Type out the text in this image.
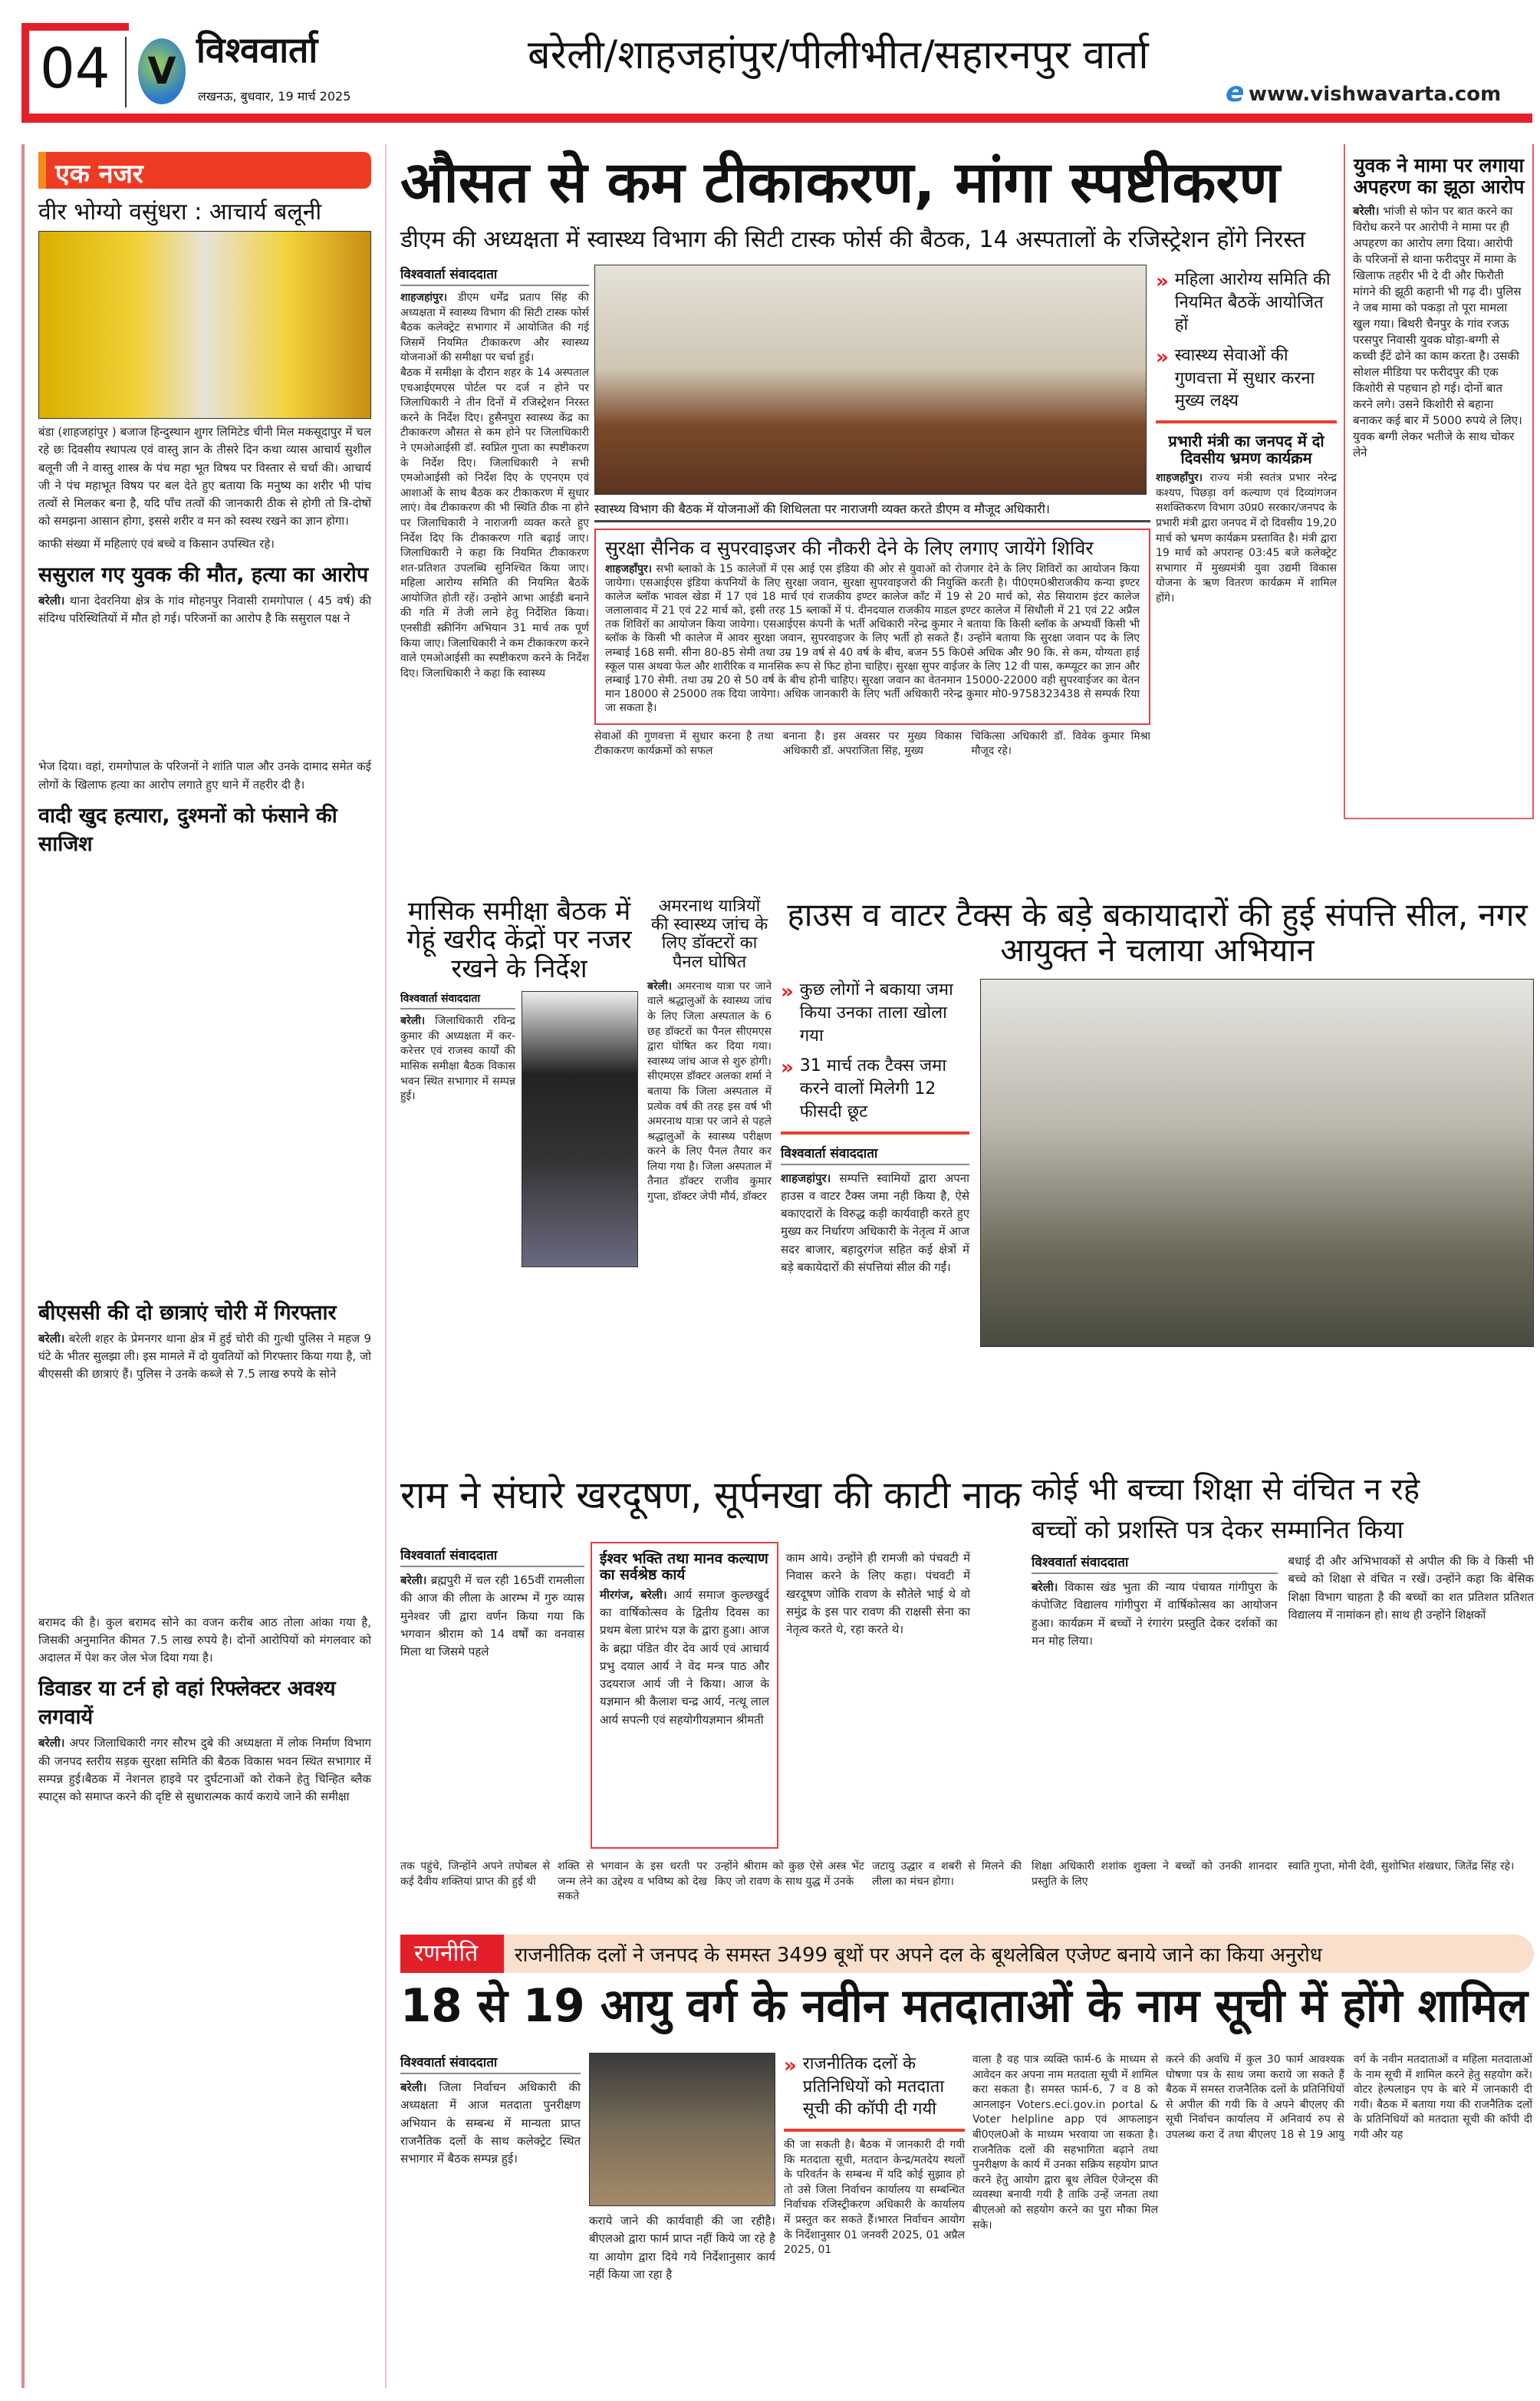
04 V विश्ववार्ता
लखनऊ, बुधवार, 19 मार्च 2025
बरेली/शाहजहांपुर/पीलीभीत/सहारनपुर वार्ता
e www.vishwavarta.com
एक नजर
वीर भोग्यो वसुंधरा : आचार्य बलूनी

बंडा (शाहजहांपुर ) बजाज हिन्दुस्थान शुगर लिमिटेड चीनी मिल मकसूदापुर में चल रहे छः दिवसीय स्थापत्य एवं वास्तु ज्ञान के तीसरे दिन कथा व्यास आचार्य सुशील बलूनी जी ने वास्तु शास्त्र के पंच महा भूत विषय पर विस्तार से चर्चा की। आचार्य जी ने पंच महाभूत विषय पर बल देते हुए बताया कि मनुष्य का शरीर भी पांच तत्वों से मिलकर बना है, यदि पाँच तत्वों की जानकारी ठीक से होगी तो त्रि-दोषों को समझना आसान होगा, इससे शरीर व मन को स्वस्थ रखने का ज्ञान होगा।

काफी संख्या में महिलाएं एवं बच्चे व किसान उपस्थित रहे।

ससुराल गए युवक की मौत, हत्या का आरोप

बरेली। थाना देवरनिया क्षेत्र के गांव मोहनपुर निवासी रामगोपाल ( 45 वर्ष) की संदिग्ध परिस्थितियों में मौत हो गई। परिजनों का आरोप है कि ससुराल पक्ष ने

भेज दिया। वहां, रामगोपाल के परिजनों ने शांति पाल और उनके दामाद समेत कई लोगों के खिलाफ हत्या का आरोप लगाते हुए थाने में तहरीर दी है।

वादी खुद हत्यारा, दुश्मनों को फंसाने की साजिश
बीएससी की दो छात्राएं चोरी में गिरफ्तार

बरेली। बरेली शहर के प्रेमनगर थाना क्षेत्र में हुई चोरी की गुत्थी पुलिस ने महज 9 घंटे के भीतर सुलझा ली। इस मामले में दो युवतियों को गिरफ्तार किया गया है, जो बीएससी की छात्राएं हैं। पुलिस ने उनके कब्जे से 7.5 लाख रुपये के सोने

बरामद की है। कुल बरामद सोने का वजन करीब आठ तोला आंका गया है, जिसकी अनुमानित कीमत 7.5 लाख रुपये है। दोनों आरोपियों को मंगलवार को अदालत में पेश कर जेल भेज दिया गया है।

डिवाडर या टर्न हो वहां रिफ्लेक्टर अवश्य लगवायें

बरेली। अपर जिलाधिकारी नगर सौरभ दुबे की अध्यक्षता में लोक निर्माण विभाग की जनपद स्तरीय सड़क सुरक्षा समिति की बैठक विकास भवन स्थित सभागार में सम्पन्न हुई।बैठक में नेशनल हाइवे पर दुर्घटनाओं को रोकने हेतु चिन्हित ब्लैक स्पाट्स को समाप्त करने की दृष्टि से सुधारात्मक कार्य कराये जाने की समीक्षा

औसत से कम टीकाकरण, मांगा स्पष्टीकरण
डीएम की अध्यक्षता में स्वास्थ्य विभाग की सिटी टास्क फोर्स की बैठक, 14 अस्पतालों के रजिस्ट्रेशन होंगे निरस्त
विश्ववार्ता संवाददाता

शाहजहांपुर। डीएम धर्मेंद्र प्रताप सिंह की अध्यक्षता में स्वास्थ्य विभाग की सिटी टास्क फोर्स बैठक कलेक्ट्रेट सभागार में आयोजित की गई जिसमें नियमित टीकाकरण और स्वास्थ्य योजनाओं की समीक्षा पर चर्चा हुई।

बैठक में समीक्षा के दौरान शहर के 14 अस्पताल एचआईएमएस पोर्टल पर दर्ज न होने पर जिलाधिकारी ने तीन दिनों में रजिस्ट्रेशन निरस्त करने के निर्देश दिए। हुसैनपुरा स्वास्थ्य केंद्र का टीकाकरण औसत से कम होने पर जिलाधिकारी ने एमओआईसी डॉ. स्वप्निल गुप्ता का स्पष्टीकरण के निर्देश दिए। जिलाधिकारी ने सभी एमओआईसी को निर्देश दिए के एएनएम एवं आशाओं के साथ बैठक कर टीकाकरण में सुधार लाएं। वेब टीकाकरण की भी स्थिति ठीक ना होने पर जिलाधिकारी ने नाराजगी व्यक्त करते हुए निर्देश दिए कि टीकाकरण गति बढ़ाई जाए। जिलाधिकारी ने कहा कि नियमित टीकाकरण शत-प्रतिशत उपलब्धि सुनिश्चित किया जाए। महिला आरोग्य समिति की नियमित बैठकें आयोजित होती रहें। उन्होने आभा आईडी बनाने की गति में तेजी लाने हेतु निर्देशित किया। एनसीडी स्क्रीनिंग अभियान 31 मार्च तक पूर्ण किया जाए। जिलाधिकारी ने कम टीकाकरण करने वाले एमओआईसी का स्पष्टीकरण करने के निर्देश दिए। जिलाधिकारी ने कहा कि स्वास्थ्य

स्वास्थ्य विभाग की बैठक में योजनाओं की शिथिलता पर नाराजगी व्यक्त करते डीएम व मौजूद अधिकारी।
सुरक्षा सैनिक व सुपरवाइजर की नौकरी देने के लिए लगाए जायेंगे शिविर

शाहजहाँपुर। सभी ब्लाको के 15 कालेजों में एस आई एस इंडिया की ओर से युवाओं को रोजगार देने के लिए शिविरों का आयोजन किया जायेगा। एसआईएस इंडिया कंपनियों के लिए सुरक्षा जवान, सुरक्षा सुपरवाइजरो की नियुक्ति करती है। पी0एम0श्रीराजकीय कन्या इण्टर कालेज ब्लॉक भावल खेडा में 17 एवं 18 मार्च एवं राजकीय इण्टर कालेज कॉंट में 19 से 20 मार्च को, सेठ सियाराम इंटर कालेज जलालावाद में 21 एवं 22 मार्च को, इसी तरह 15 ब्लाकों में पं. दीनदयाल राजकीय माडल इण्टर कालेज में सिधौली में 21 एवं 22 अप्रैल तक शिविरों का आयोजन किया जायेगा। एसआईएस कंपनी के भर्ती अधिकारी नरेन्द्र कुमार ने बताया कि किसी ब्लॉक के अभ्यर्थी किसी भी ब्लॉक के किसी भी कालेज में आवर सुरक्षा जवान, सुपरवाइजर के लिए भर्ती हो सकते हैं। उन्होंने बताया कि सुरक्षा जवान पद के लिए लम्बाई 168 समी. सीना 80-85 सेमी तथा उम्र 19 वर्ष से 40 वर्ष के बीच, बजन 55 कि0से अधिक और 90 कि. से कम, योग्यता हाई स्कूल पास अथवा फेल और शारीरिक व मानसिक रूप से फिट होना चाहिए। सुरक्षा सुपर वाईजर के लिए 12 वी पास, कम्प्यूटर का ज्ञान और लम्बाई 170 सेमी. तथा उम्र 20 से 50 वर्ष के बीच होनी चाहिए। सुरक्षा जवान का वेतनमान 15000-22000 वही सुपरवाईजर का वेतन मान 18000 से 25000 तक दिया जायेगा। अधिक जानकारी के लिए भर्ती अधिकारी नरेन्द्र कुमार मो0-9758323438 से सम्पर्क रिया जा सकता है।

सेवाओं की गुणवत्ता में सुधार करना है तथा टीकाकरण कार्यक्रमों को सफल

बनाना है। इस अवसर पर मुख्य विकास अधिकारी डॉ. अपराजिता सिंह, मुख्य

चिकित्सा अधिकारी डॉ. विवेक कुमार मिश्रा मौजूद रहे।

» महिला आरोग्य समिति की नियमित बैठकें आयोजित हों
» स्वास्थ्य सेवाओं की गुणवत्ता में सुधार करना मुख्य लक्ष्य
प्रभारी मंत्री का जनपद में दो दिवसीय भ्रमण कार्यक्रम

शाहजहाँपुर। राज्य मंत्री स्वतंत्र प्रभार नरेन्द्र कश्यप, पिछड़ा वर्ग कल्याण एवं दिव्यांगजन सशक्तिकरण विभाग उ0प्र0 सरकार/जनपद के प्रभारी मंत्री द्वारा जनपद में दो दिवसीय 19,20 मार्च को भ्रमण कार्यक्रम प्रस्तावित है। मंत्री द्वारा 19 मार्च को अपरान्ह 03:45 बजे कलेक्ट्रेट सभागार में मुख्यमंत्री युवा उद्यमी विकास योजना के ऋण वितरण कार्यक्रम में शामिल होंगे।

युवक ने मामा पर लगाया अपहरण का झूठा आरोप

बरेली। भांजी से फोन पर बात करने का विरोध करने पर आरोपी ने मामा पर ही अपहरण का आरोप लगा दिया। आरोपी के परिजनों से थाना फरीदपुर में मामा के खिलाफ तहरीर भी दे दी और फिरौती मांगने की झूठी कहानी भी गढ़ दी। पुलिस ने जब मामा को पकड़ा तो पूरा मामला खुल गया। बिथरी चैनपुर के गांव रजऊ परसपुर निवासी युवक घोड़ा-बग्गी से कच्ची ईंटें ढोने का काम करता है। उसकी सोशल मीडिया पर फरीदपुर की एक किशोरी से पहचान हो गई। दोनों बात करने लगे। उसने किशोरी से बहाना बनाकर कई बार में 5000 रुपये ले लिए। युवक बग्गी लेकर भतीजे के साथ चोकर लेने

मासिक समीक्षा बैठक में गेहूं खरीद केंद्रों पर नजर रखने के निर्देश
विश्ववार्ता संवाददाता

बरेली। जिलाधिकारी रविन्द्र कुमार की अध्यक्षता में कर-करेत्तर एवं राजस्व कार्यों की मासिक समीक्षा बैठक विकास भवन स्थित सभागार में सम्पन्न हुई।

अमरनाथ यात्रियों की स्वास्थ्य जांच के लिए डॉक्टरों का पैनल घोषित

बरेली। अमरनाथ यात्रा पर जाने वाले श्रद्धालुओं के स्वास्थ्य जांच के लिए जिला अस्पताल के 6 छह डॉक्टरों का पैनल सीएमएस द्वारा घोषित कर दिया गया। स्वास्थ्य जांच आज से शुरु होगी। सीएमएस डॉक्टर अलका शर्मा ने बताया कि जिला अस्पताल में प्रत्येक वर्ष की तरह इस वर्ष भी अमरनाथ यात्रा पर जाने से पहले श्रद्धालुओं के स्वास्थ्य परीक्षण करने के लिए पैनल तैयार कर लिया गया है। जिला अस्पताल में तैनात डॉक्टर राजीव कुमार गुप्ता, डॉक्टर जेपी मौर्य, डॉक्टर

हाउस व वाटर टैक्स के बड़े बकायादारों की हुई संपत्ति सील, नगर आयुक्त ने चलाया अभियान
» कुछ लोगों ने बकाया जमा किया उनका ताला खोला गया
» 31 मार्च तक टैक्स जमा करने वालों मिलेगी 12 फीसदी छूट
विश्ववार्ता संवाददाता

शाहजहांपुर। सम्पत्ति स्वामियों द्वारा अपना हाउस व वाटर टैक्स जमा नही किया है, ऐसे बकाएदारों के विरुद्ध कड़ी कार्यवाही करते हुए मुख्य कर निर्धारण अधिकारी के नेतृत्व में आज सदर बाजार, बहादुरगंज सहित कई क्षेत्रों में बड़े बकायेदारों की संपत्तियां सील की गईं।

राम ने संघारे खरदूषण, सूर्पनखा की काटी नाक
विश्ववार्ता संवाददाता

बरेली। ब्रह्मपुरी में चल रही 165वीं रामलीला की आज की लीला के आरम्भ में गुरु व्यास मुनेश्वर जी द्वारा वर्णन किया गया कि भगवान श्रीराम को 14 वर्षों का वनवास मिला था जिसमे पहले

ईश्वर भक्ति तथा मानव कल्याण का सर्वश्रेष्ठ कार्य

मीरगंज, बरेली। आर्य समाज कुल्छखुर्द का वार्षिकोत्सव के द्वितीय दिवस का प्रथम बेला प्रारंभ यज्ञ के द्वारा हुआ। आज के ब्रह्मा पंडित वीर देव आर्य एवं आचार्य प्रभु दयाल आर्य ने वेद मन्त्र पाठ और उदयराज आर्य जी ने किया। आज के यज्ञमान श्री कैलाश चन्द्र आर्य, नत्थू लाल आर्य सपत्नी एवं सहयोगीयज्ञमान श्रीमती

काम आये। उन्होंने ही रामजी को पंचवटी में निवास करने के लिए कहा। पंचवटी में खरदूषण जोकि रावण के सौतेले भाई थे वो समुंद्र के इस पार रावण की राक्षसी सेना का नेतृत्व करते थे, रहा करते थे।

तक पहुंचे, जिन्होंने अपने तपोबल से कई दैवीय शक्तियां प्राप्त की हुई थी

शक्ति से भगवान के इस धरती पर जन्म लेने का उद्देश्य व भविष्य को देख सकते

उन्होंने श्रीराम को कुछ ऐसे अस्त्र भेंट किए जो रावण के साथ युद्ध में उनके

जटायु उद्धार व शबरी से मिलने की लीला का मंचन होगा।

कोई भी बच्चा शिक्षा से वंचित न रहे
बच्चों को प्रशस्ति पत्र देकर सम्मानित किया
विश्ववार्ता संवाददाता

बरेली। विकास खंड भुता की न्याय पंचायत गांगीपुरा के कंपोजिट विद्यालय गांगीपुरा में वार्षिकोत्सव का आयोजन हुआ। कार्यक्रम में बच्चों ने रंगारंग प्रस्तुति देकर दर्शकों का मन मोह लिया।

बधाई दी और अभिभावकों से अपील की कि वे किसी भी बच्चे को शिक्षा से वंचित न रखें। उन्होंने कहा कि बेसिक शिक्षा विभाग चाहता है की बच्चों का शत प्रतिशत प्रतिशत विद्यालय में नामांकन हो। साथ ही उन्होंने शिक्षकों

शिक्षा अधिकारी शशांक शुक्ला ने बच्चों को उनकी शानदार प्रस्तुति के लिए

स्वाति गुप्ता, मोनी देवी, सुशोभित शंखधार, जितेंद्र सिंह रहे।

रणनीति	राजनीतिक दलों ने जनपद के समस्त 3499 बूथों पर अपने दल के बूथलेबिल एजेण्ट बनाये जाने का किया अनुरोध
18 से 19 आयु वर्ग के नवीन मतदाताओं के नाम सूची में होंगे शामिल
विश्ववार्ता संवाददाता

बरेली। जिला निर्वाचन अधिकारी की अध्यक्षता में आज मतदाता पुनरीक्षण अभियान के सम्बन्ध में मान्यता प्राप्त राजनैतिक दलों के साथ कलेक्ट्रेट स्थित सभागार में बैठक सम्पन्न हुई।

कराये जाने की कार्यवाही की जा रहीहै। बीएलओ द्वारा फार्म प्राप्त नहीं किये जा रहे है या आयोग द्वारा दिये गये निर्देशानुसार कार्य नहीं किया जा रहा है

» राजनीतिक दलों के प्रतिनिधियों को मतदाता सूची की कॉपी दी गयी

की जा सकती है। बैठक में जानकारी दी गयी कि मतदाता सूची, मतदान केन्द्र/मतदेय स्थलों के परिवर्तन के सम्बन्ध में यदि कोई सुझाव हो तो उसे जिला निर्वाचन कार्यालय या सम्बन्धित निर्वाचक रजिस्ट्रीकरण अधिकारी के कार्यालय में प्रस्तुत कर सकते हैं।भारत निर्वाचन आयोग के निर्देशानुसार 01 जनवरी 2025, 01 अप्रैल 2025, 01

वाला है वह पात्र व्यक्ति फार्म-6 के माध्यम से आवेदन कर अपना नाम मतदाता सूची में शामिल करा सकता है। समस्त फार्म-6, 7 व 8 को आनलाइन Voters.eci.gov.in portal & Voter helpline app एवं आफलाइन बी0एल0ओ के माध्यम भरवाया जा सकता है। राजनैतिक दलों की सहभागिता बढ़ाने तथा पुनरीक्षण के कार्य में उनका सक्रिय सहयोग प्राप्त करने हेतु आयोग द्वारा बूथ लेविल ऐजेन्ट्स की व्यवस्था बनायी गयी है ताकि उन्हें जनता तथा बीएलओ को सहयोग करने का पुरा मौका मिल सके।

करने की अवधि में कुल 30 फार्म आवश्यक घोषणा पत्र के साथ जमा कराये जा सकते हैं बैठक में समस्त राजनैतिक दलों के प्रतिनिधियों से अपील की गयी कि वे अपने बीएलए की सूची निर्वाचन कार्यालय में अनिवार्य रुप से उपलब्ध करा दें तथा बीएलए 18 से 19 आयु वर्ग के नवीन मतदाताओं व महिला मतदाताओं के नाम सूची में शामिल करने हेतु सहयोग करें। वोटर हेल्पलाइन एप के बारे में जानकारी दी गयी। बैठक में बताया गया की राजनैतिक दलों के प्रतिनिधियों को मतदाता सूची की कॉपी दी गयी और यह
